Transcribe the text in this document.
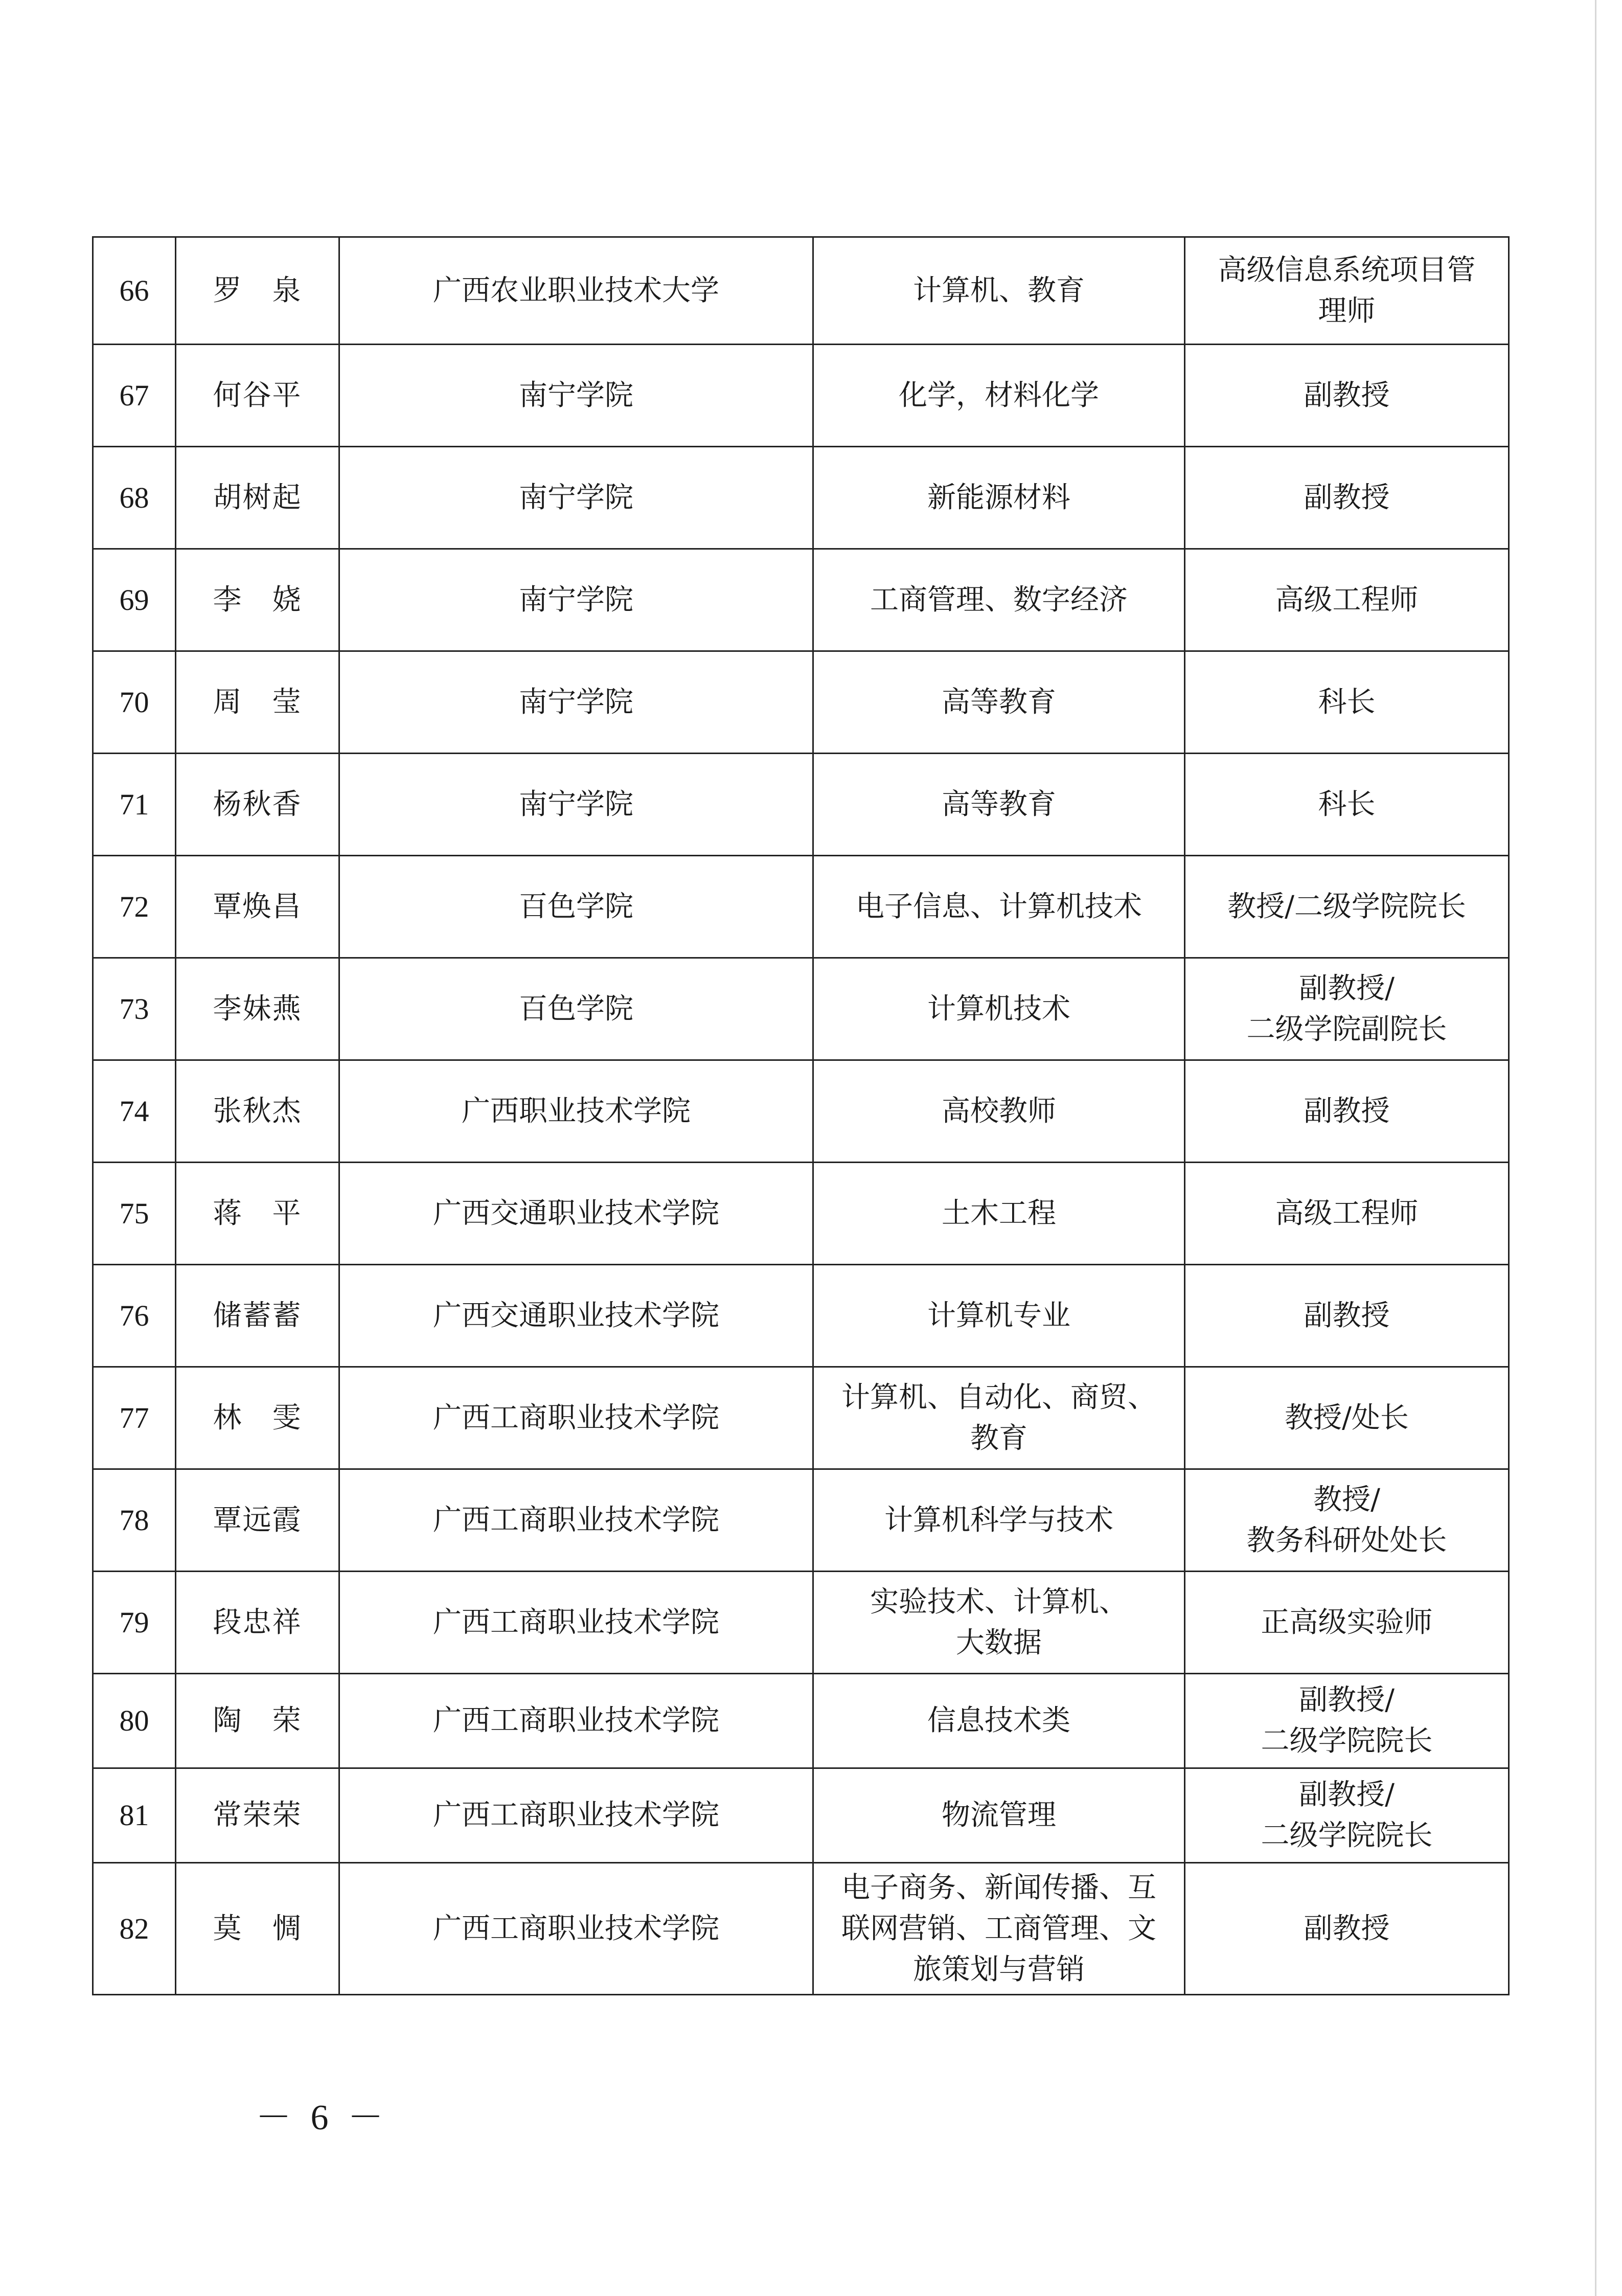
66	罗　泉	广西农业职业技术大学	计算机、教育	高级信息系统项目管
理师
67	何谷平	南宁学院	化学，材料化学	副教授
68	胡树起	南宁学院	新能源材料	副教授
69	李　娆	南宁学院	工商管理、数字经济	高级工程师
70	周　莹	南宁学院	高等教育	科长
71	杨秋香	南宁学院	高等教育	科长
72	覃焕昌	百色学院	电子信息、计算机技术	教授/二级学院院长
73	李妹燕	百色学院	计算机技术	副教授/
二级学院副院长
74	张秋杰	广西职业技术学院	高校教师	副教授
75	蒋　平	广西交通职业技术学院	土木工程	高级工程师
76	储蓄蓄	广西交通职业技术学院	计算机专业	副教授
77	林　雯	广西工商职业技术学院	计算机、自动化、商贸、
教育	教授/处长
78	覃远霞	广西工商职业技术学院	计算机科学与技术	教授/
教务科研处处长
79	段忠祥	广西工商职业技术学院	实验技术、计算机、
大数据	正高级实验师
80	陶　荣	广西工商职业技术学院	信息技术类	副教授/
二级学院院长
81	常荣荣	广西工商职业技术学院	物流管理	副教授/
二级学院院长
82	莫　惆	广西工商职业技术学院	电子商务、新闻传播、互
联网营销、工商管理、文
旅策划与营销	副教授
－ 6 －
